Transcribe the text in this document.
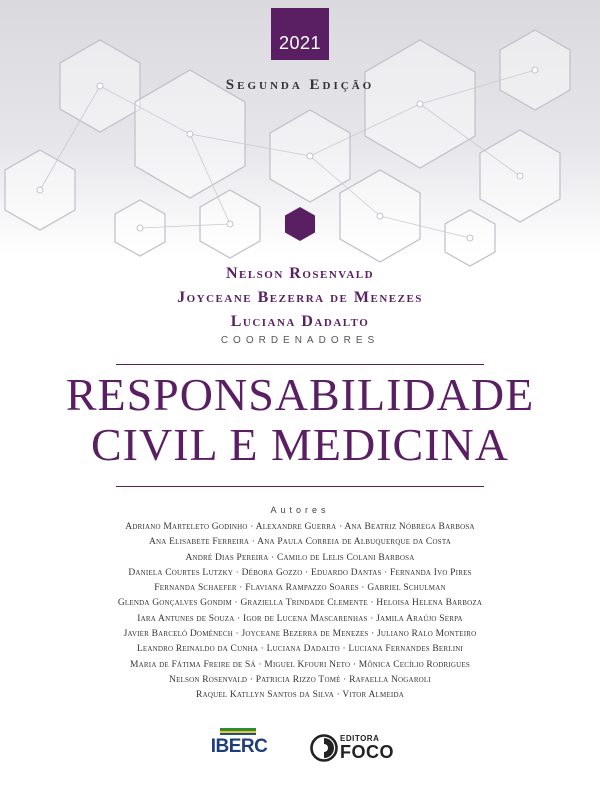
2021
Segunda Edição
Nelson Rosenvald
Joyceane Bezerra de Menezes
Luciana Dadalto
COORDENADORES
RESPONSABILIDADE
CIVIL E MEDICINA
Autores
Adriano Marteleto Godinho · Alexandre Guerra · Ana Beatriz Nóbrega Barbosa
Ana Elisabete Ferreira · Ana Paula Correia de Albuquerque da Costa
André Dias Pereira · Camilo de Lelis Colani Barbosa
Daniela Courtes Lutzky · Débora Gozzo · Eduardo Dantas · Fernanda Ivo Pires
Fernanda Schaefer · Flaviana Rampazzo Soares · Gabriel Schulman
Glenda Gonçalves Gondim · Graziella Trindade Clemente · Heloisa Helena Barboza
Iara Antunes de Souza · Igor de Lucena Mascarenhas · Jamila Araújo Serpa
Javier Barceló Doménech · Joyceane Bezerra de Menezes · Juliano Ralo Monteiro
Leandro Reinaldo da Cunha · Luciana Dadalto · Luciana Fernandes Berlini
Maria de Fátima Freire de Sá · Miguel Kfouri Neto · Mônica Cecílio Rodrigues
Nelson Rosenvald · Patricia Rizzo Tomé · Rafaella Nogaroli
Raquel Katllyn Santos da Silva · Vitor Almeida
IBERC	EDITORA
FOCO
